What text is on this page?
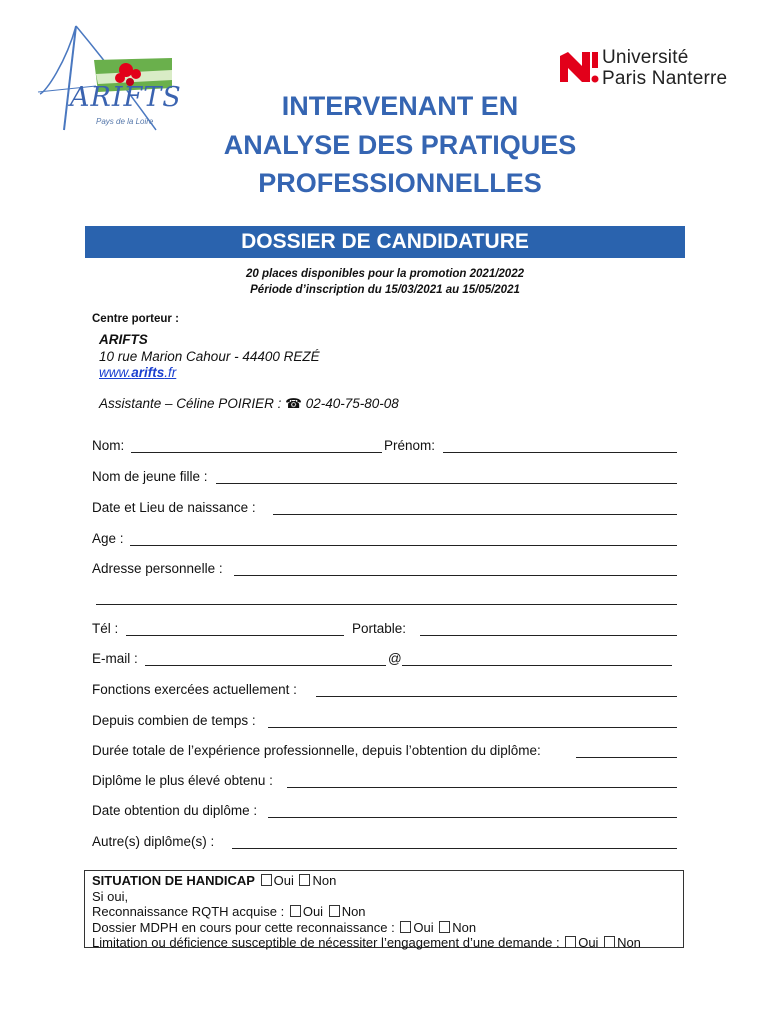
ARIFTS
Pays de la Loire
Université
Paris Nanterre
INTERVENANT EN
ANALYSE DES PRATIQUES
PROFESSIONNELLES
DOSSIER DE CANDIDATURE
20 places disponibles pour la promotion 2021/2022
Période d’inscription du 15/03/2021 au 15/05/2021
Centre porteur :
ARIFTS
10 rue Marion Cahour - 44400 REZÉ
www.arifts.fr
Assistante – Céline POIRIER : ☎ 02-40-75-80-08
Nom:	Prénom:
Nom de jeune fille :
Date et Lieu de naissance :
Age :
Adresse personnelle :
Tél :	Portable:
E-mail :	@
Fonctions exercées actuellement :
Depuis combien de temps :
Durée totale de l’expérience professionnelle, depuis l’obtention du diplôme:
Diplôme le plus élevé obtenu :
Date obtention du diplôme :
Autre(s) diplôme(s) :
SITUATION DE HANDICAP Oui Non
Si oui,
Reconnaissance RQTH acquise : Oui Non
Dossier MDPH en cours pour cette reconnaissance : Oui Non
Limitation ou déficience susceptible de nécessiter l’engagement d’une demande : Oui Non
